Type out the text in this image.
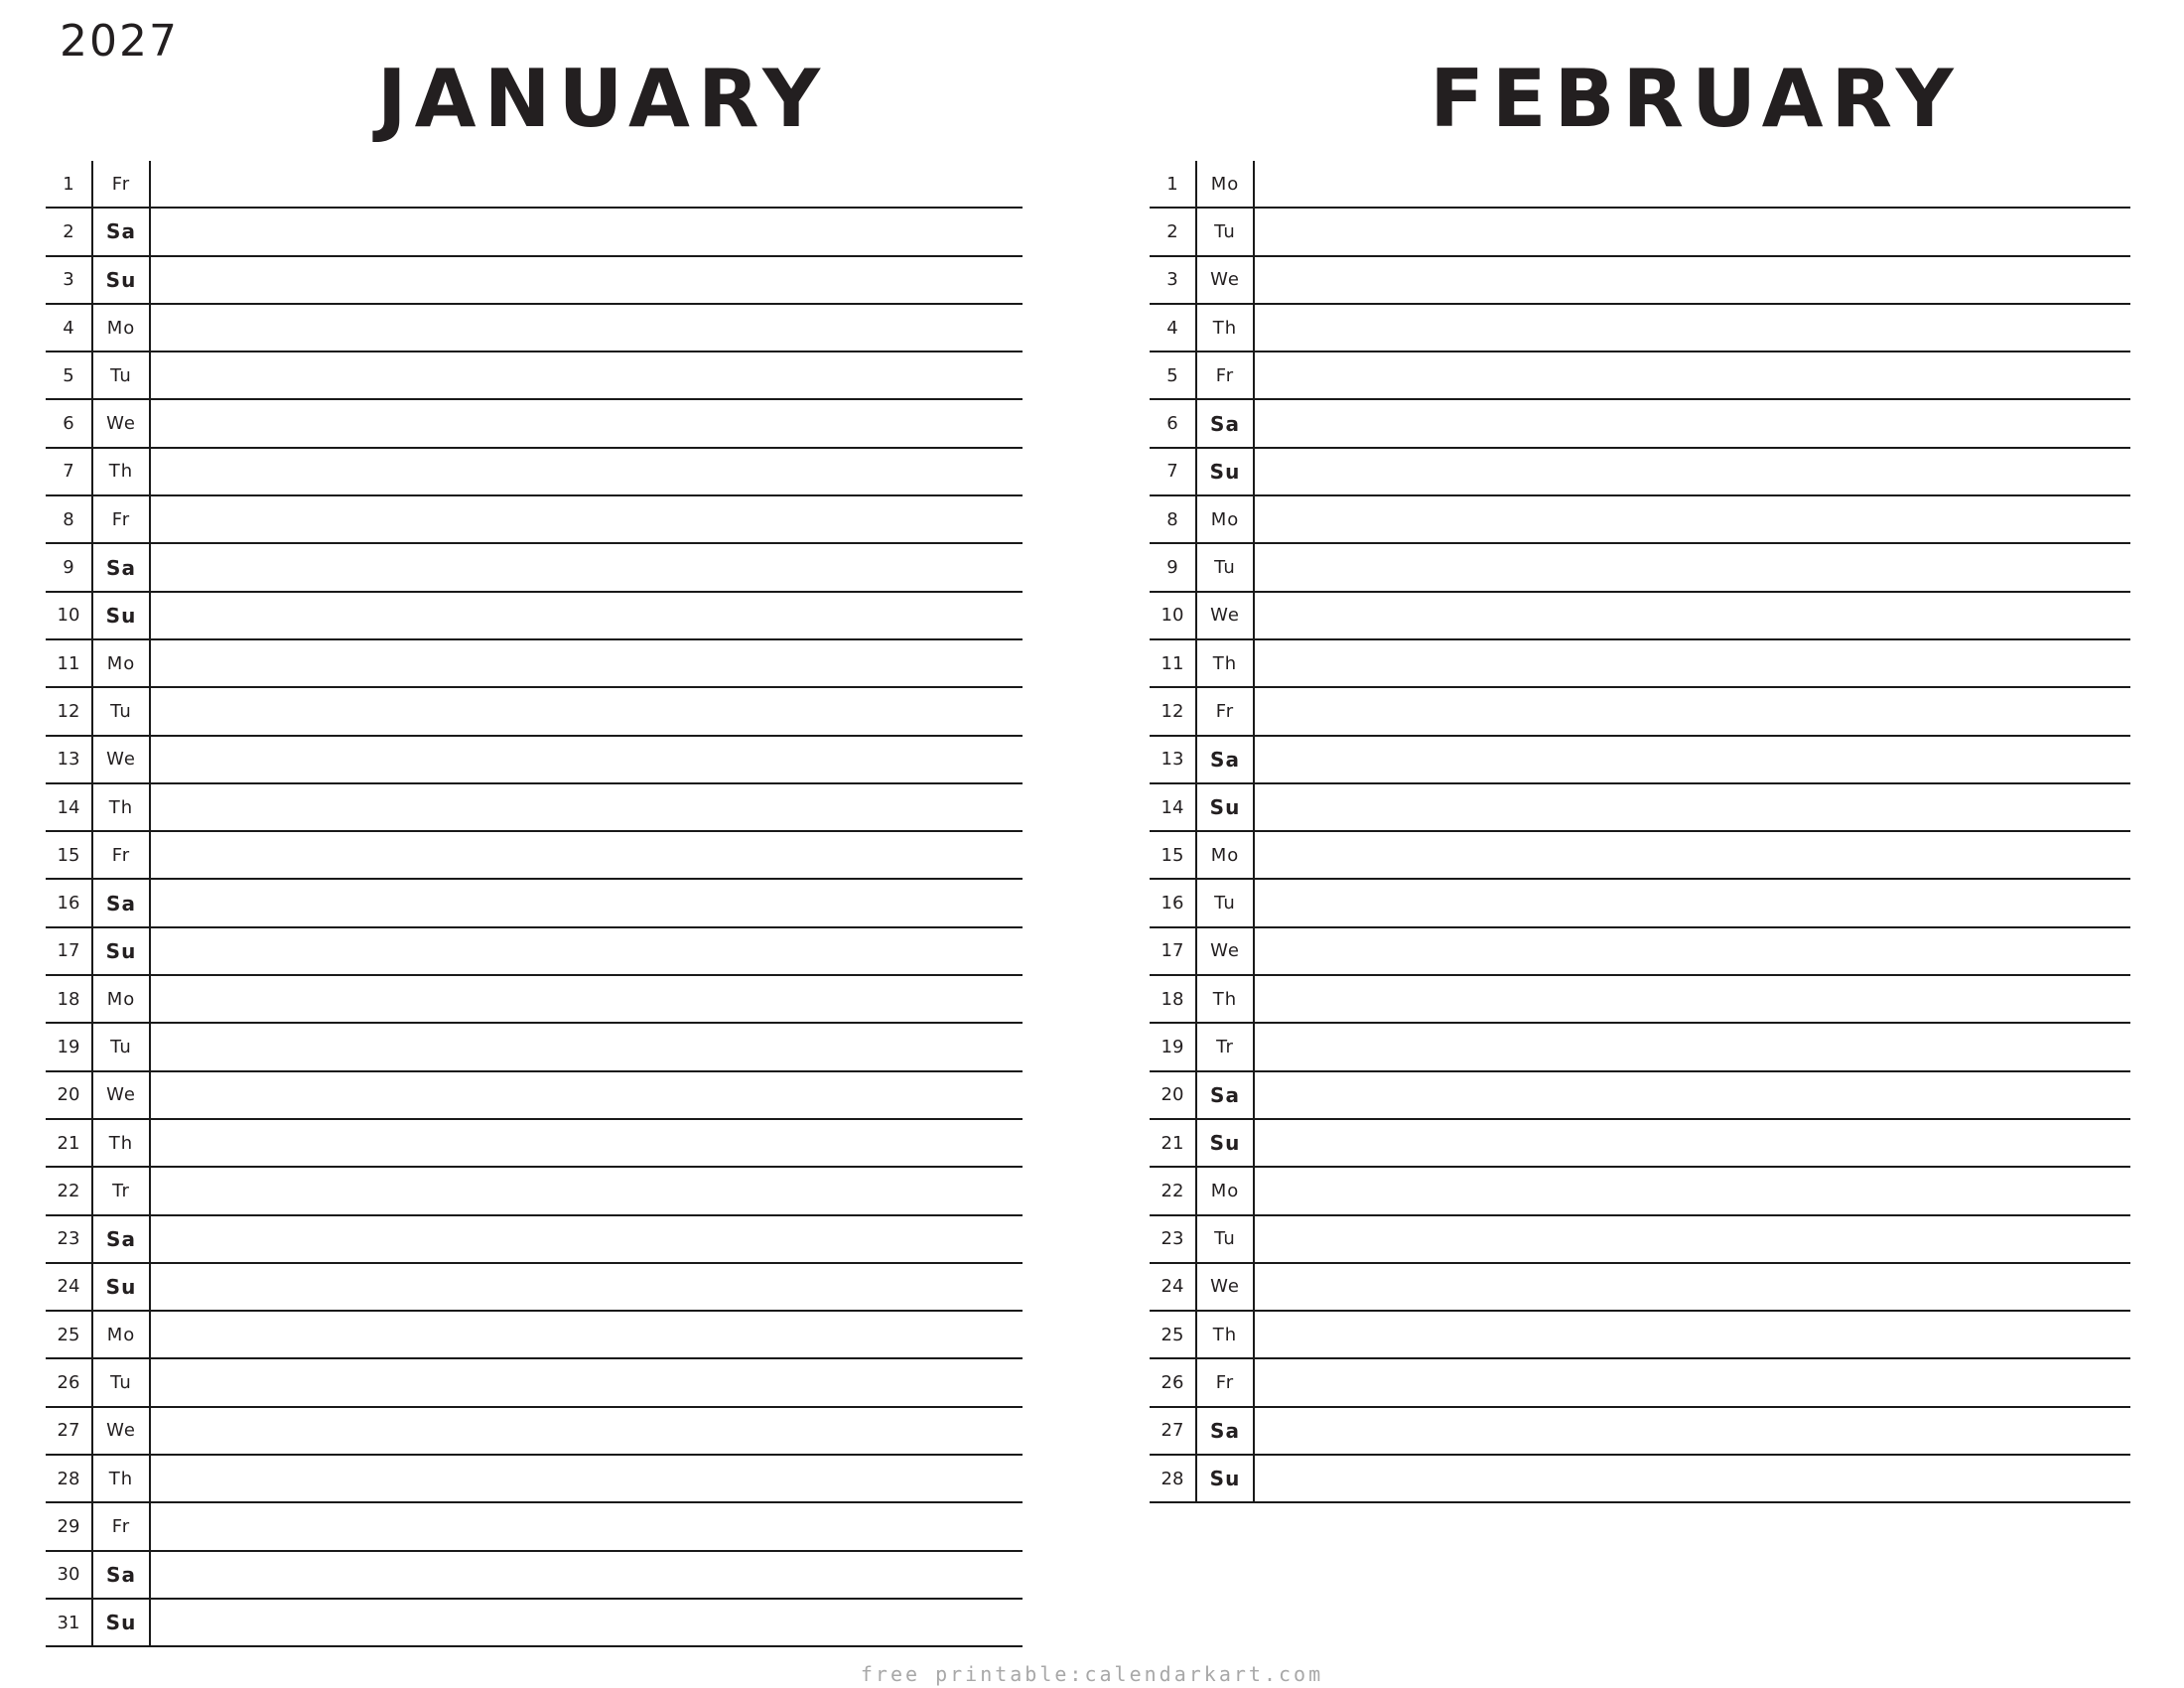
2027
JANUARY	FEBRUARY
1	Fr
2	Sa
3	Su
4	Mo
5	Tu
6	We
7	Th
8	Fr
9	Sa
10	Su
11	Mo
12	Tu
13	We
14	Th
15	Fr
16	Sa
17	Su
18	Mo
19	Tu
20	We
21	Th
22	Tr
23	Sa
24	Su
25	Mo
26	Tu
27	We
28	Th
29	Fr
30	Sa
31	Su
1	Mo
2	Tu
3	We
4	Th
5	Fr
6	Sa
7	Su
8	Mo
9	Tu
10	We
11	Th
12	Fr
13	Sa
14	Su
15	Mo
16	Tu
17	We
18	Th
19	Tr
20	Sa
21	Su
22	Mo
23	Tu
24	We
25	Th
26	Fr
27	Sa
28	Su
free printable:calendarkart.com
